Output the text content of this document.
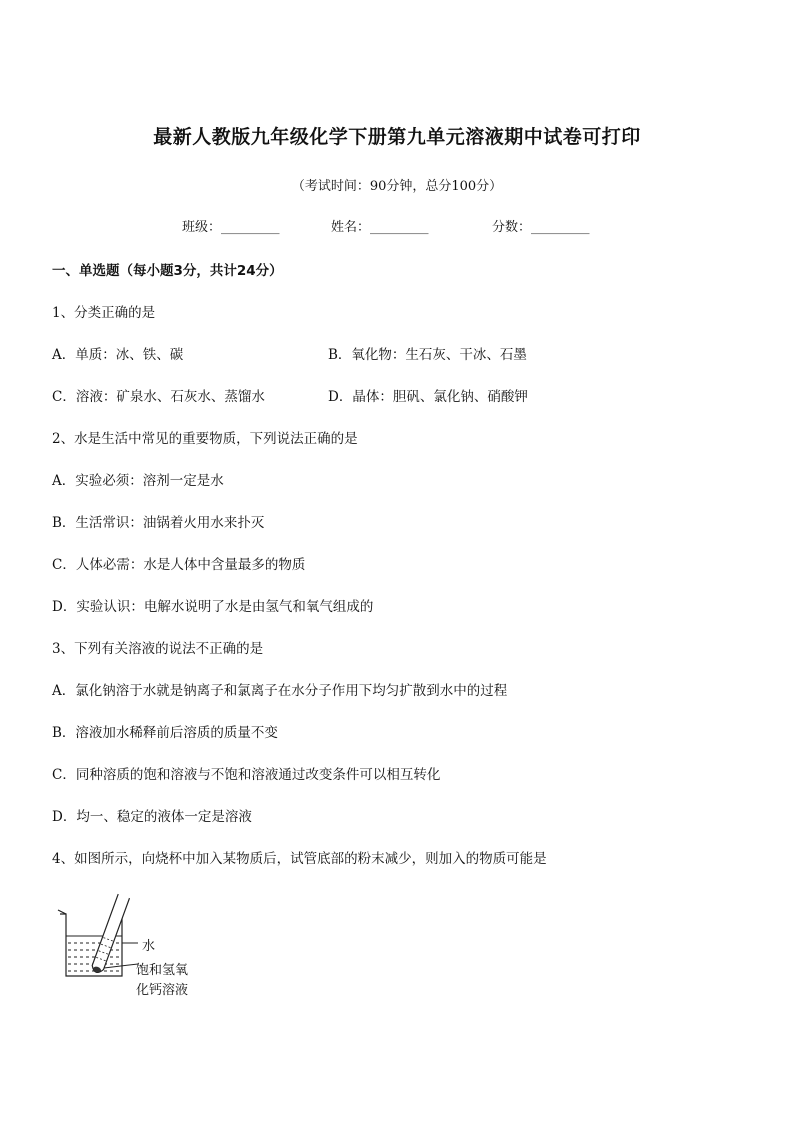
最新人教版九年级化学下册第九单元溶液期中试卷可打印
（考试时间：90分钟，总分100分）
班级：_________	姓名：_________	分数：_________
一、单选题（每小题3分，共计24分）
1、分类正确的是
A．单质：冰、铁、碳	B．氧化物：生石灰、干冰、石墨
C．溶液：矿泉水、石灰水、蒸馏水	D．晶体：胆矾、氯化钠、硝酸钾
2、水是生活中常见的重要物质，下列说法正确的是
A．实验必须：溶剂一定是水
B．生活常识：油锅着火用水来扑灭
C．人体必需：水是人体中含量最多的物质
D．实验认识：电解水说明了水是由氢气和氧气组成的
3、下列有关溶液的说法不正确的是
A．氯化钠溶于水就是钠离子和氯离子在水分子作用下均匀扩散到水中的过程
B．溶液加水稀释前后溶质的质量不变
C．同种溶质的饱和溶液与不饱和溶液通过改变条件可以相互转化
D．均一、稳定的液体一定是溶液
4、如图所示，向烧杯中加入某物质后，试管底部的粉末减少，则加入的物质可能是
水
饱和氢氧
化钙溶液
